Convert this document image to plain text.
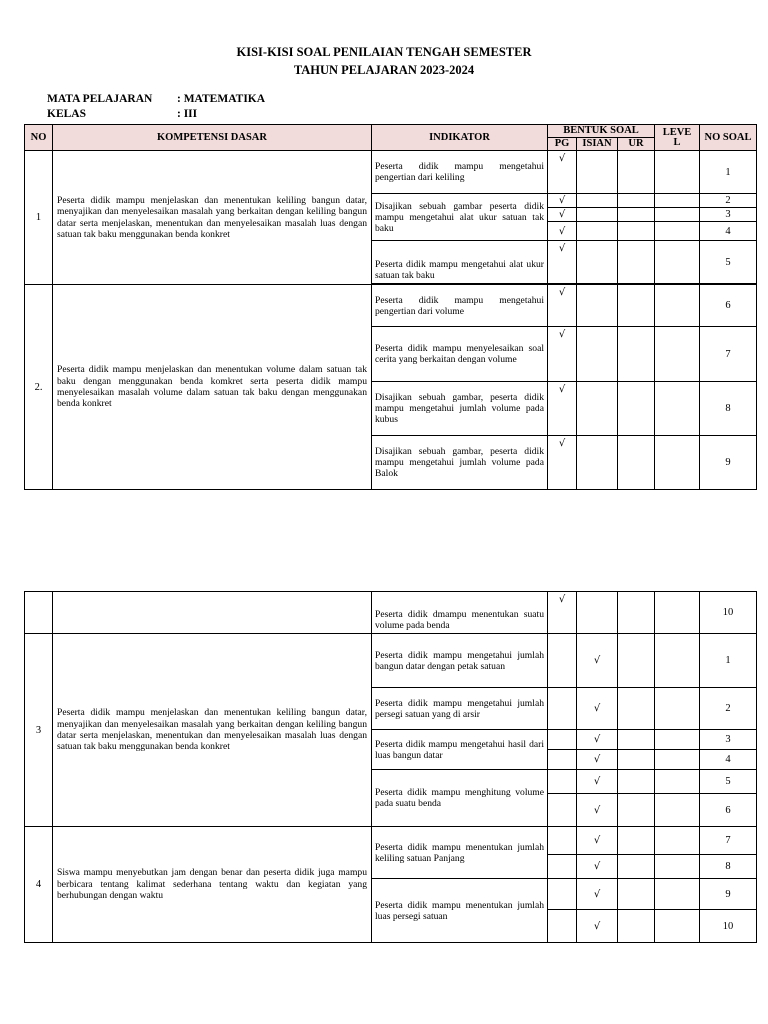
KISI-KISI SOAL PENILAIAN TENGAH SEMESTER
TAHUN PELAJARAN 2023-2024
MATA PELAJARAN : MATEMATIKA
KELAS	: III
NO	KOMPETENSI DASAR	INDIKATOR	BENTUK SOAL			LEVE L	NO SOAL
			PG	ISIAN	UR		
1	Peserta didik mampu menjelaskan dan menentukan keliling bangun datar, menyajikan dan menyelesaikan masalah yang berkaitan dengan keliling bangun datar serta menjelaskan, menentukan dan menyelesaikan masalah luas dengan satuan tak baku menggunakan benda konkret	Peserta didik mampu mengetahui pengertian dari keliling	√				1
		Disajikan sebuah gambar peserta didik mampu mengetahui alat ukur satuan tak baku	√				2
			√				3
			√				4
		Peserta didik mampu mengetahui alat ukur satuan tak baku	√				5

2.	Peserta didik mampu menjelaskan dan menentukan volume dalam satuan tak baku dengan menggunakan benda komkret serta peserta didik mampu menyelesaikan masalah volume dalam satuan tak baku dengan menggunakan benda konkret	Peserta didik mampu mengetahui pengertian dari volume	√				6
		Peserta didik mampu menyelesaikan soal cerita yang berkaitan dengan volume	√				7
		Disajikan sebuah gambar, peserta didik mampu mengetahui jumlah volume pada kubus	√				8
		Disajikan sebuah gambar, peserta didik mampu mengetahui jumlah volume pada Balok	√				9
		Peserta didik dmampu menentukan suatu volume pada benda	√				10
3	Peserta didik mampu menjelaskan dan menentukan keliling bangun datar, menyajikan dan menyelesaikan masalah yang berkaitan dengan keliling bangun datar serta menjelaskan, menentukan dan menyelesaikan masalah luas dengan satuan tak baku menggunakan benda konkret	Peserta didik mampu mengetahui jumlah bangun datar dengan petak satuan		√			1
		Peserta didik mampu mengetahui jumlah persegi satuan yang di arsir		√			2
		Peserta didik mampu mengetahui hasil dari luas bangun datar		√			3
				√			4
		Peserta didik mampu menghitung volume pada suatu benda		√			5
				√			6
4	Siswa mampu menyebutkan jam dengan benar dan peserta didik juga mampu berbicara tentang kalimat sederhana tentang waktu dan kegiatan yang berhubungan dengan waktu	Peserta didik mampu menentukan jumlah keliling satuan Panjang		√			7
				√			8
		Peserta didik mampu menentukan jumlah luas persegi satuan		√			9
				√			10
